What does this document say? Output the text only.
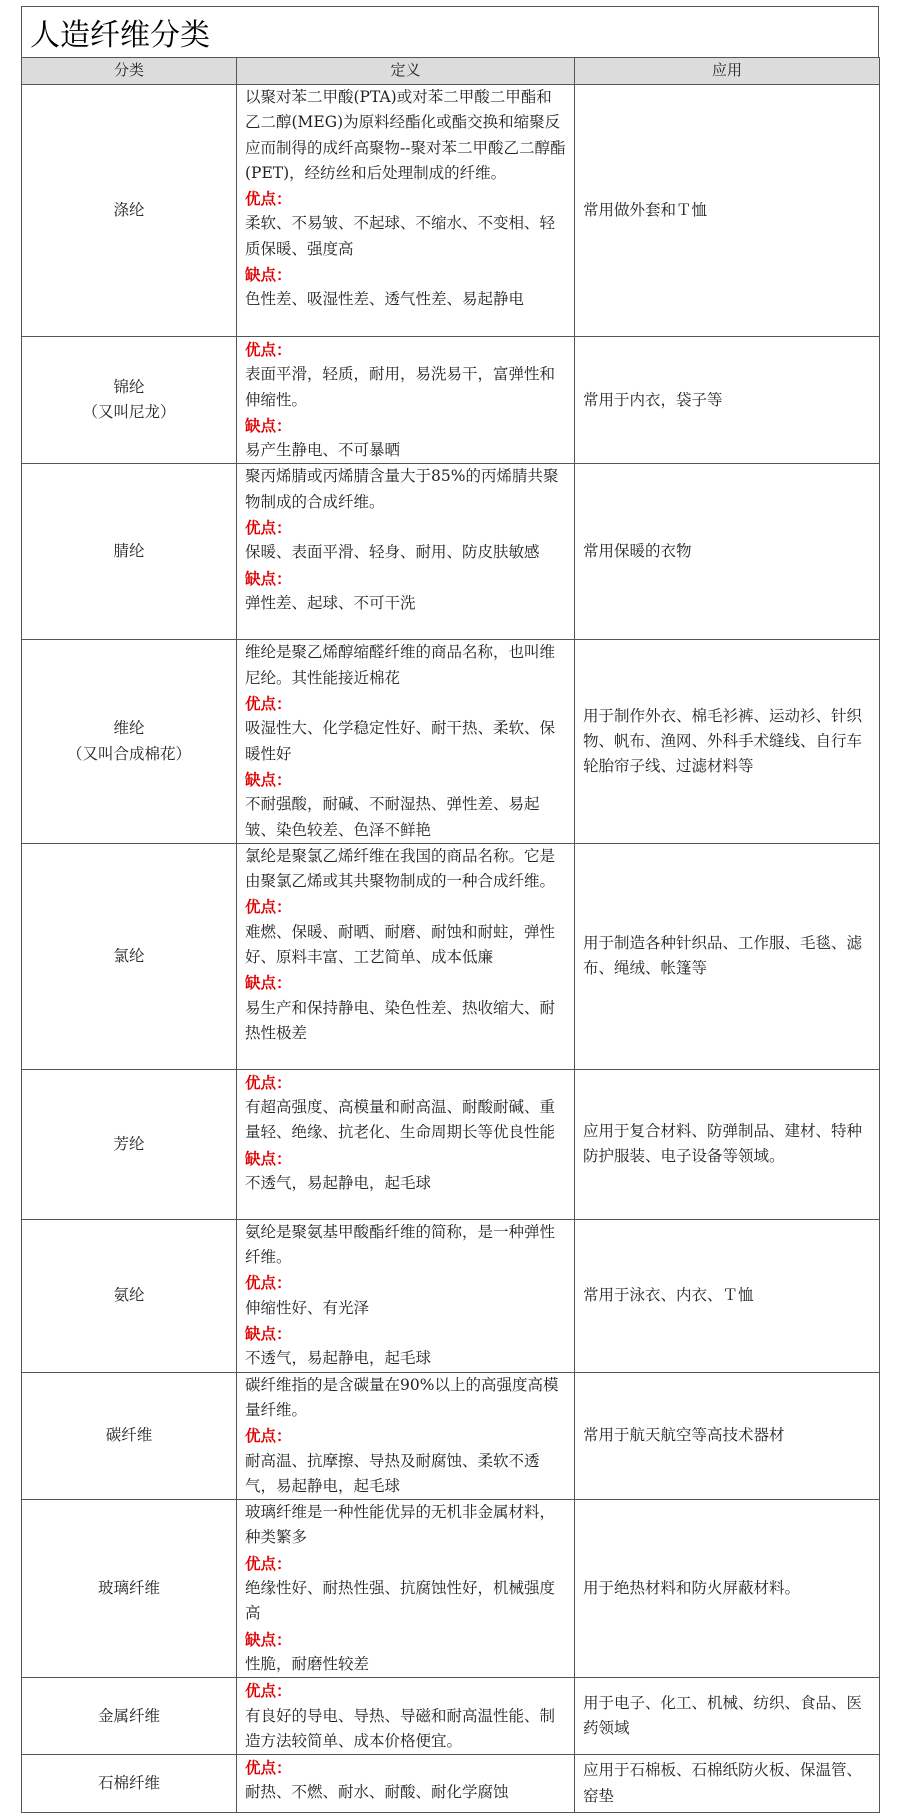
人造纤维分类
分类	定义	应用

涤纶	以聚对苯二甲酸(PTA)或对苯二甲酸二甲酯和乙二醇(MEG)为原料经酯化或酯交换和缩聚反应而制得的成纤高聚物--聚对苯二甲酸乙二醇酯(PET)，经纺丝和后处理制成的纤维。
优点：
柔软、不易皱、不起球、不缩水、不变相、轻质保暖、强度高
缺点：
色性差、吸湿性差、透气性差、易起静电	常用做外套和Ｔ恤

锦纶
（又叫尼龙）	优点：
表面平滑，轻质，耐用，易洗易干，富弹性和伸缩性。
缺点：
易产生静电、不可暴晒	常用于内衣，袋子等

腈纶	聚丙烯腈或丙烯腈含量大于85%的丙烯腈共聚物制成的合成纤维。
优点：
保暖、表面平滑、轻身、耐用、防皮肤敏感
缺点：
弹性差、起球、不可干洗	常用保暖的衣物

维纶
（又叫合成棉花）	维纶是聚乙烯醇缩醛纤维的商品名称，也叫维尼纶。其性能接近棉花
优点：
吸湿性大、化学稳定性好、耐干热、柔软、保暖性好
缺点：
不耐强酸，耐碱、不耐湿热、弹性差、易起皱、染色较差、色泽不鲜艳	用于制作外衣、棉毛衫裤、运动衫、针织物、帆布、渔网、外科手术缝线、自行车轮胎帘子线、过滤材料等

氯纶	氯纶是聚氯乙烯纤维在我国的商品名称。它是由聚氯乙烯或其共聚物制成的一种合成纤维。
优点：
难燃、保暖、耐晒、耐磨、耐蚀和耐蛀，弹性好、原料丰富、工艺简单、成本低廉
缺点：
易生产和保持静电、染色性差、热收缩大、耐热性极差	用于制造各种针织品、工作服、毛毯、滤布、绳绒、帐篷等

芳纶	优点：
有超高强度、高模量和耐高温、耐酸耐碱、重量轻、绝缘、抗老化、生命周期长等优良性能
缺点：
不透气，易起静电，起毛球	应用于复合材料、防弹制品、建材、特种防护服装、电子设备等领域。

氨纶	氨纶是聚氨基甲酸酯纤维的简称，是一种弹性纤维。
优点：
伸缩性好、有光泽
缺点：
不透气，易起静电，起毛球	常用于泳衣、内衣、Ｔ恤

碳纤维	碳纤维指的是含碳量在90%以上的高强度高模量纤维。
优点：
耐高温、抗摩擦、导热及耐腐蚀、柔软不透气，易起静电，起毛球	常用于航天航空等高技术器材

玻璃纤维	玻璃纤维是一种性能优异的无机非金属材料，种类繁多
优点：
绝缘性好、耐热性强、抗腐蚀性好，机械强度高
缺点：
性脆，耐磨性较差	用于绝热材料和防火屏蔽材料。

金属纤维	优点：
有良好的导电、导热、导磁和耐高温性能、制造方法较简单、成本价格便宜。	用于电子、化工、机械、纺织、食品、医药领域

石棉纤维	优点：
耐热、不燃、耐水、耐酸、耐化学腐蚀	应用于石棉板、石棉纸防火板、保温管、窑垫
